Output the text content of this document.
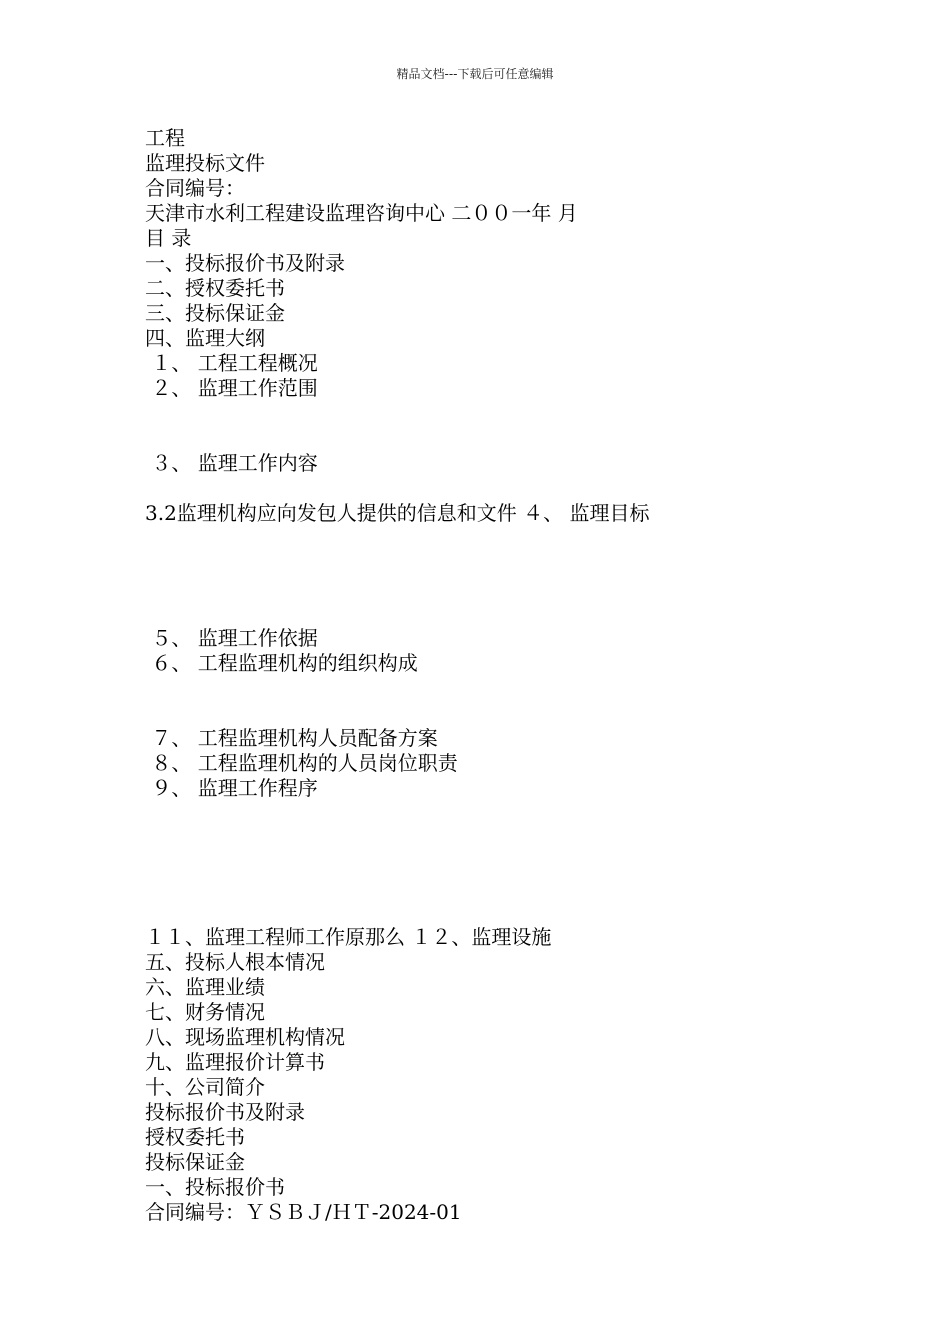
精品文档---下载后可任意编辑
工程
监理投标文件
合同编号：
天津市水利工程建设监理咨询中心 二００一年 月
目 录
一、投标报价书及附录
二、授权委托书
三、投标保证金
四、监理大纲
１、 工程工程概况
２、 监理工作范围
３、 监理工作内容
3.2监理机构应向发包人提供的信息和文件 ４、 监理目标
５、 监理工作依据
６、 工程监理机构的组织构成
７、 工程监理机构人员配备方案
８、 工程监理机构的人员岗位职责
９、 监理工作程序
１１、监理工程师工作原那么 １２、监理设施
五、投标人根本情况
六、监理业绩
七、财务情况
八、现场监理机构情况
九、监理报价计算书
十、公司简介
投标报价书及附录
授权委托书
投标保证金
一、投标报价书
合同编号：ＹＳＢＪ/ＨＴ-2024-01
